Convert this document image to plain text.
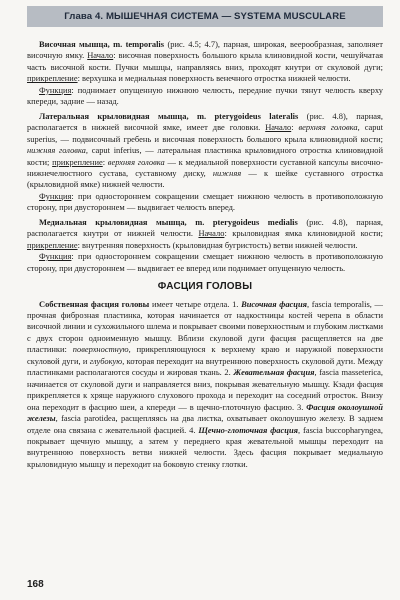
Глава 4. МЫШЕЧНАЯ СИСТЕМА — SYSTEMA MUSCULARE

Височная мышца, m. temporalis (рис. 4.5; 4.7), парная, широкая, веерообразная, заполняет височную ямку. Начало: височная поверхность большого крыла клиновидной кости, чешуйчатая часть височной кости. Пучки мышцы, направляясь вниз, проходят кнутри от скуловой дуги; прикрепление: верхушка и медиальная поверхность венечного отростка нижней челюсти.

Функция: поднимает опущенную нижнюю челюсть, передние пучки тянут челюсть кверху кпереди, задние — назад.

Латеральная крыловидная мышца, m. pterygoideus lateralis (рис. 4.8), парная, располагается в нижней височной ямке, имеет две головки. Начало: верхняя головка, caput superius, — подвисочный гребень и височная поверхность большого крыла клиновидной кости; нижняя головка, caput inferius, — латеральная пластинка крыловидного отростка клиновидной кости; прикрепление: верхняя головка — к медиальной поверхности суставной капсулы височно-нижнечелюстного сустава, суставному диску, нижняя — к шейке суставного отростка (крыловидной ямке) нижней челюсти.

Функция: при одностороннем сокращении смещает нижнюю челюсть в противоположную сторону, при двустороннем — выдвигает челюсть вперед.

Медиальная крыловидная мышца, m. pterygoideus medialis (рис. 4.8), парная, располагается кнутри от нижней челюсти. Начало: крыловидная ямка клиновидной кости; прикрепление: внутренняя поверхность (крыловидная бугристость) ветви нижней челюсти.

Функция: при одностороннем сокращении смещает нижнюю челюсть в противоположную сторону, при двустороннем — выдвигает ее вперед или поднимает опущенную челюсть.

ФАСЦИЯ ГОЛОВЫ

Собственная фасция головы имеет четыре отдела. 1. Височная фасция, fascia temporalis, — прочная фиброзная пластинка, которая начинается от надкостницы костей черепа в области височной линии и сухожильного шлема и покрывает своими поверхностным и глубоким листками с двух сторон одноименную мышцу. Вблизи скуловой дуги фасция расщепляется на две пластинки: поверхностную, прикрепляющуюся к верхнему краю и наружной поверхности скуловой дуги, и глубокую, которая переходит на внутреннюю поверхность скуловой дуги. Между пластинками располагаются сосуды и жировая ткань. 2. Жевательная фасция, fascia masseterica, начинается от скуловой дуги и направляется вниз, покрывая жевательную мышцу. Кзади фасция прикрепляется к хряще наружного слухового прохода и переходит на соседний отросток. Внизу она переходит в фасцию шеи, а кпереди — в щечно-глоточную фасцию. 3. Фасция околоушной железы, fascia parotidea, расщепляясь на два листка, охватывает околоушную железу. В заднем отделе она связана с жевательной фасцией. 4. Щечно-глоточная фасция, fascia buccopharyngea, покрывает щечную мышцу, а затем у переднего края жевательной мышцы переходит на внутреннюю поверхность ветви нижней челюсти. Здесь фасция покрывает медиальную крыловидную мышцу и переходит на боковую стенку глотки.

168
